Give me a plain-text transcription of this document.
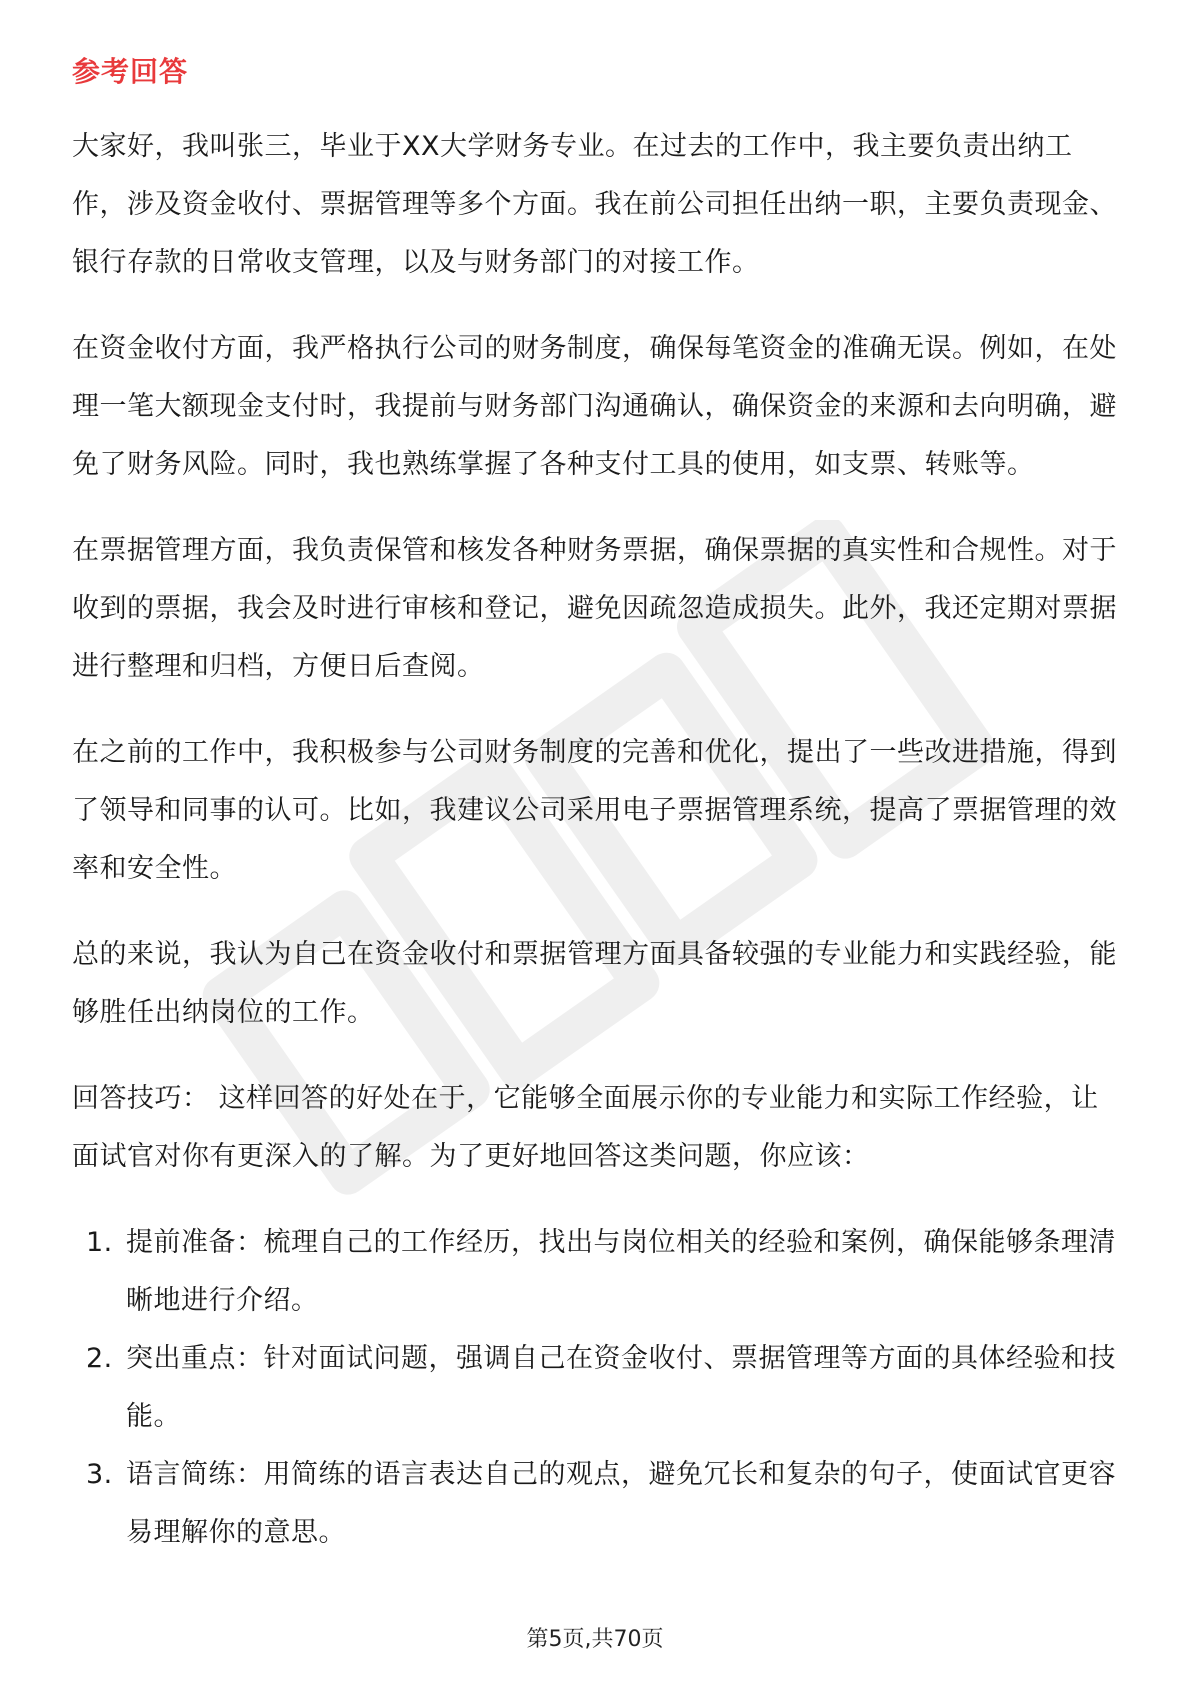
参考回答

大家好，我叫张三，毕业于XX大学财务专业。在过去的工作中，我主要负责出纳工作，涉及资金收付、票据管理等多个方面。我在前公司担任出纳一职，主要负责现金、银行存款的日常收支管理，以及与财务部门的对接工作。

在资金收付方面，我严格执行公司的财务制度，确保每笔资金的准确无误。例如，在处理一笔大额现金支付时，我提前与财务部门沟通确认，确保资金的来源和去向明确，避免了财务风险。同时，我也熟练掌握了各种支付工具的使用，如支票、转账等。

在票据管理方面，我负责保管和核发各种财务票据，确保票据的真实性和合规性。对于收到的票据，我会及时进行审核和登记，避免因疏忽造成损失。此外，我还定期对票据进行整理和归档，方便日后查阅。

在之前的工作中，我积极参与公司财务制度的完善和优化，提出了一些改进措施，得到了领导和同事的认可。比如，我建议公司采用电子票据管理系统，提高了票据管理的效率和安全性。

总的来说，我认为自己在资金收付和票据管理方面具备较强的专业能力和实践经验，能够胜任出纳岗位的工作。

回答技巧： 这样回答的好处在于，它能够全面展示你的专业能力和实际工作经验，让面试官对你有更深入的了解。为了更好地回答这类问题，你应该：

1. 提前准备：梳理自己的工作经历，找出与岗位相关的经验和案例，确保能够条理清晰地进行介绍。
2. 突出重点：针对面试问题，强调自己在资金收付、票据管理等方面的具体经验和技能。
3. 语言简练：用简练的语言表达自己的观点，避免冗长和复杂的句子，使面试官更容易理解你的意思。
第5页,共70页
